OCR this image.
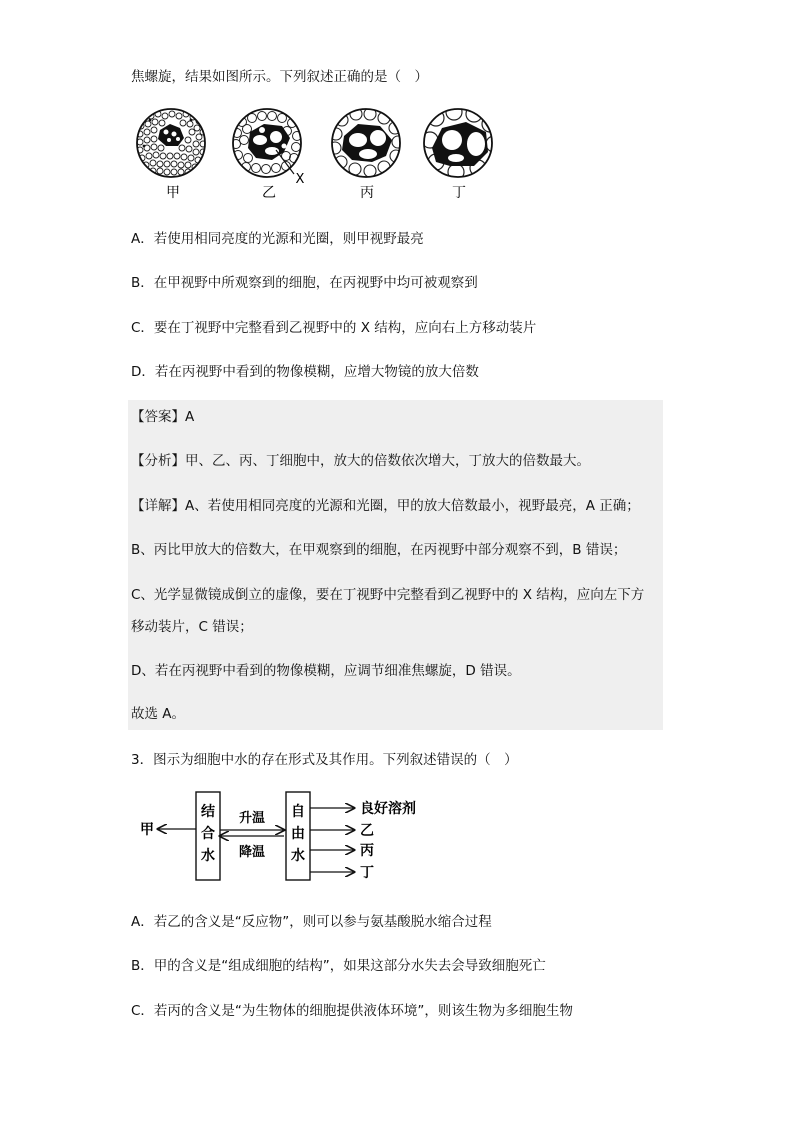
焦螺旋，结果如图所示。下列叙述正确的是（　）
甲	乙
X
丙	丁
A．若使用相同亮度的光源和光圈，则甲视野最亮
B．在甲视野中所观察到的细胞，在丙视野中均可被观察到
C．要在丁视野中完整看到乙视野中的 X 结构，应向右上方移动装片
D．若在丙视野中看到的物像模糊，应增大物镜的放大倍数
【答案】A
【分析】甲、乙、丙、丁细胞中，放大的倍数依次增大，丁放大的倍数最大。
【详解】A、若使用相同亮度的光源和光圈，甲的放大倍数最小，视野最亮，A 正确；
B、丙比甲放大的倍数大，在甲观察到的细胞，在丙视野中部分观察不到，B 错误；
C、光学显微镜成倒立的虚像，要在丁视野中完整看到乙视野中的 X 结构，应向左下方
移动装片，C 错误；
D、若在丙视野中看到的物像模糊，应调节细准焦螺旋，D 错误。
故选 A。
3．图示为细胞中水的存在形式及其作用。下列叙述错误的（　）
甲
结
合
水
升温
降温
自
由
水
良好溶剂
乙
丙
丁
A．若乙的含义是“反应物”，则可以参与氨基酸脱水缩合过程
B．甲的含义是“组成细胞的结构”，如果这部分水失去会导致细胞死亡
C．若丙的含义是“为生物体的细胞提供液体环境”，则该生物为多细胞生物
